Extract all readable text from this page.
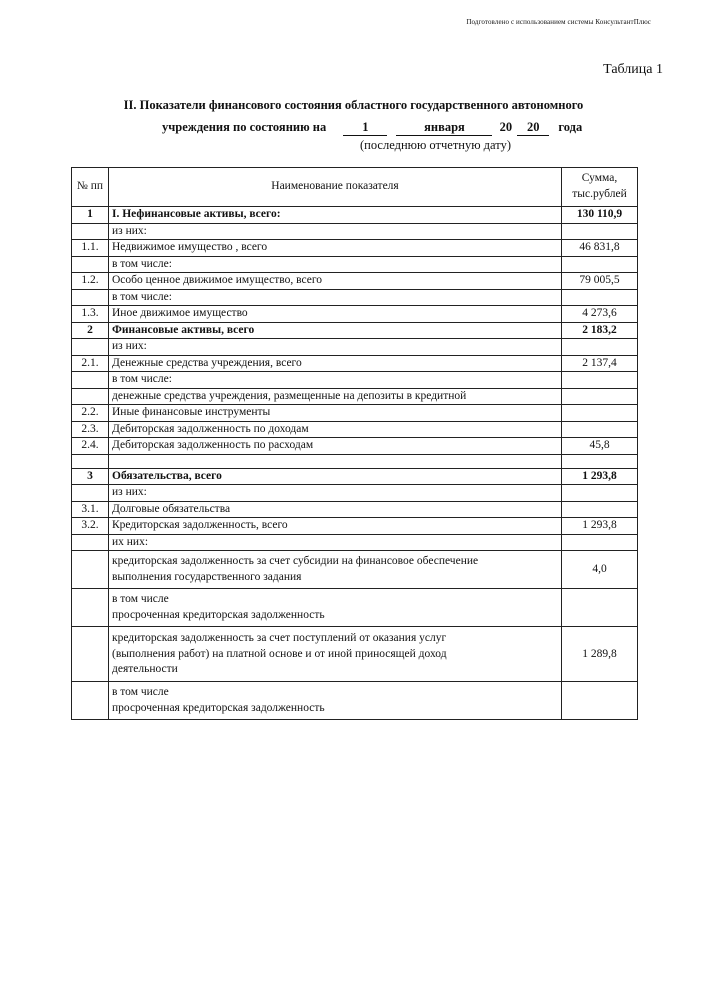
Подготовлено с использованием системы КонсультантПлюс
Таблица 1
II. Показатели финансового состояния областного государственного автономного
учреждения по состоянию на	1	января	20 20 года
(последнюю отчетную дату)
№ пп	Наименование показателя	Сумма,
тыс.рублей
1	I. Нефинансовые активы, всего:	130 110,9
	из них:	
1.1.	Недвижимое имущество , всего	46 831,8
	в том числе:	
1.2.	Особо ценное движимое имущество, всего	79 005,5
	в том числе:	
1.3.	Иное движимое имущество	4 273,6
2	Финансовые активы, всего	2 183,2
	из них:	
2.1.	Денежные средства учреждения, всего	2 137,4
	в том числе:	
	денежные средства учреждения, размещенные на депозиты в кредитной	
2.2.	Иные финансовые инструменты	
2.3.	Дебиторская задолженность по доходам	
2.4.	Дебиторская задолженность по расходам	45,8

3	Обязательства, всего	1 293,8
	из них:	
3.1.	Долговые обязательства	
3.2.	Кредиторская задолженность, всего	1 293,8
	их них:	

	кредиторская задолженность за счет субсидии на финансовое обеспечение
выполнения государственного задания	4,0

	в том числе
просроченная кредиторская задолженность	

	кредиторская задолженность за счет поступлений от оказания услуг
(выполнения работ) на платной основе и от иной приносящей доход
деятельности	1 289,8

	в том числе
просроченная кредиторская задолженность	
